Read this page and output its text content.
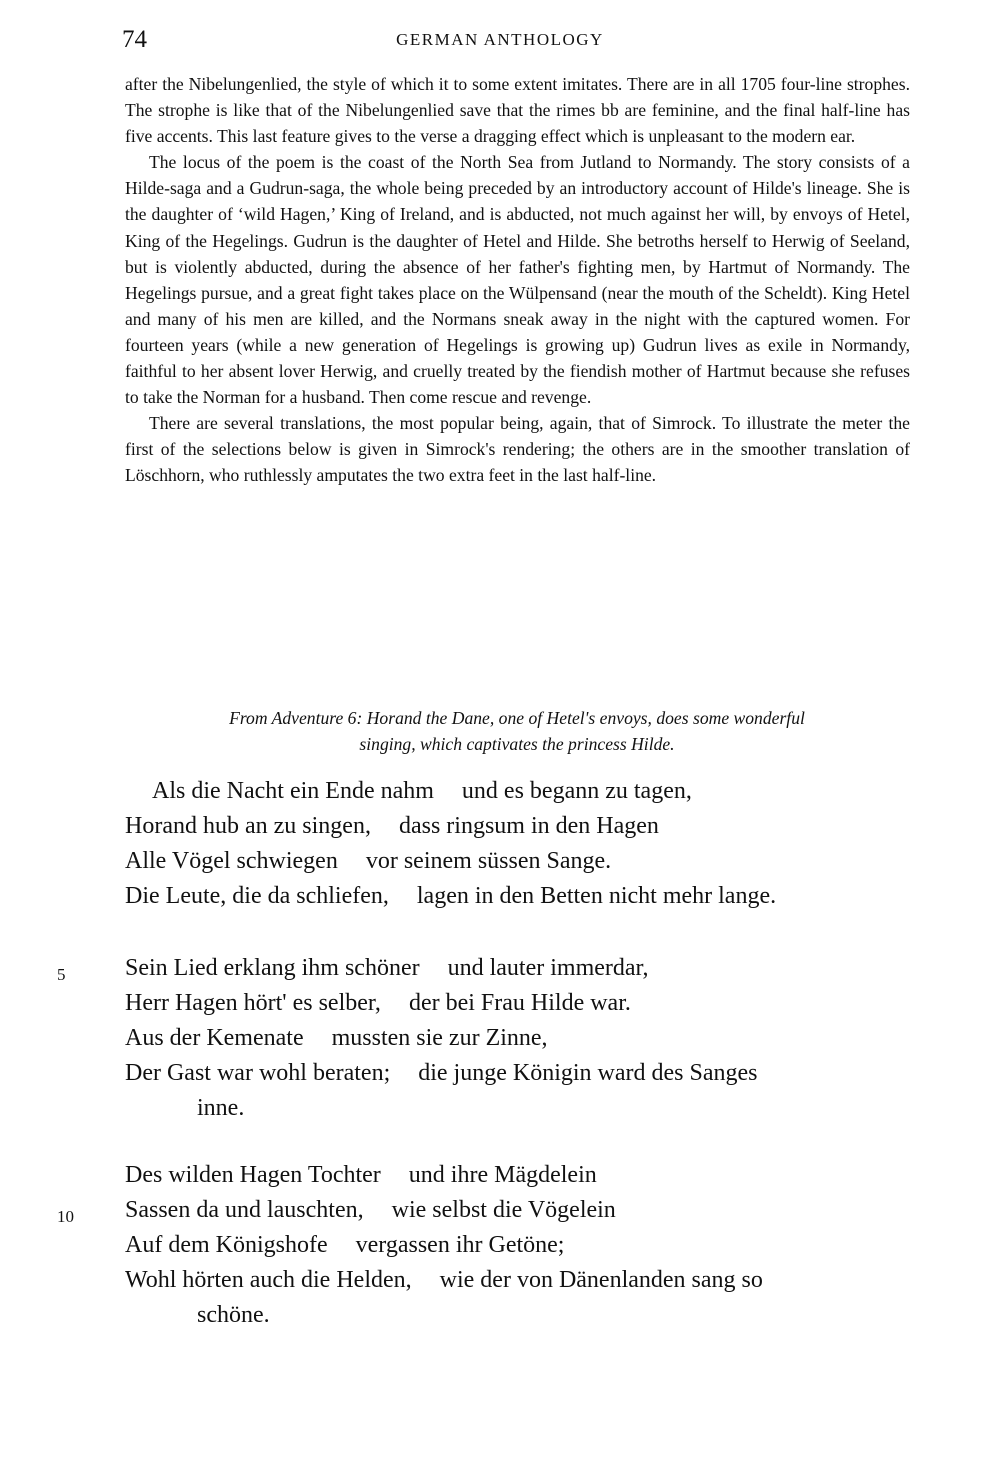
74	GERMAN ANTHOLOGY

after the Nibelungenlied, the style of which it to some extent imitates. There are in all 1705 four-line strophes. The strophe is like that of the Nibelungenlied save that the rimes bb are feminine, and the final half-line has five accents. This last feature gives to the verse a dragging effect which is unpleasant to the modern ear.

The locus of the poem is the coast of the North Sea from Jutland to Normandy. The story consists of a Hilde-saga and a Gudrun-saga, the whole being preceded by an introductory account of Hilde's lineage. She is the daughter of ‘wild Hagen,’ King of Ireland, and is abducted, not much against her will, by envoys of Hetel, King of the Hegelings. Gudrun is the daughter of Hetel and Hilde. She betroths herself to Herwig of Seeland, but is violently abducted, during the absence of her father's fighting men, by Hartmut of Normandy. The Hegelings pursue, and a great fight takes place on the Wülpensand (near the mouth of the Scheldt). King Hetel and many of his men are killed, and the Normans sneak away in the night with the captured women. For fourteen years (while a new generation of Hegelings is growing up) Gudrun lives as exile in Normandy, faithful to her absent lover Herwig, and cruelly treated by the fiendish mother of Hartmut because she refuses to take the Norman for a husband. Then come rescue and revenge.

There are several translations, the most popular being, again, that of Simrock. To illustrate the meter the first of the selections below is given in Simrock's rendering; the others are in the smoother translation of Löschhorn, who ruthlessly amputates the two extra feet in the last half-line.

From Adventure 6: Horand the Dane, one of Hetel's envoys, does some wonderful
singing, which captivates the princess Hilde.
Als die Nacht ein Ende nahm und es begann zu tagen,
Horand hub an zu singen, dass ringsum in den Hagen
Alle Vögel schwiegen vor seinem süssen Sange.
Die Leute, die da schliefen, lagen in den Betten nicht mehr lange.
5 Sein Lied erklang ihm schöner und lauter immerdar,
Herr Hagen hört' es selber, der bei Frau Hilde war.
Aus der Kemenate mussten sie zur Zinne,
Der Gast war wohl beraten; die junge Königin ward des Sanges
inne.
Des wilden Hagen Tochter und ihre Mägdelein
10 Sassen da und lauschten, wie selbst die Vögelein
Auf dem Königshofe vergassen ihr Getöne;
Wohl hörten auch die Helden, wie der von Dänenlanden sang so
schöne.
